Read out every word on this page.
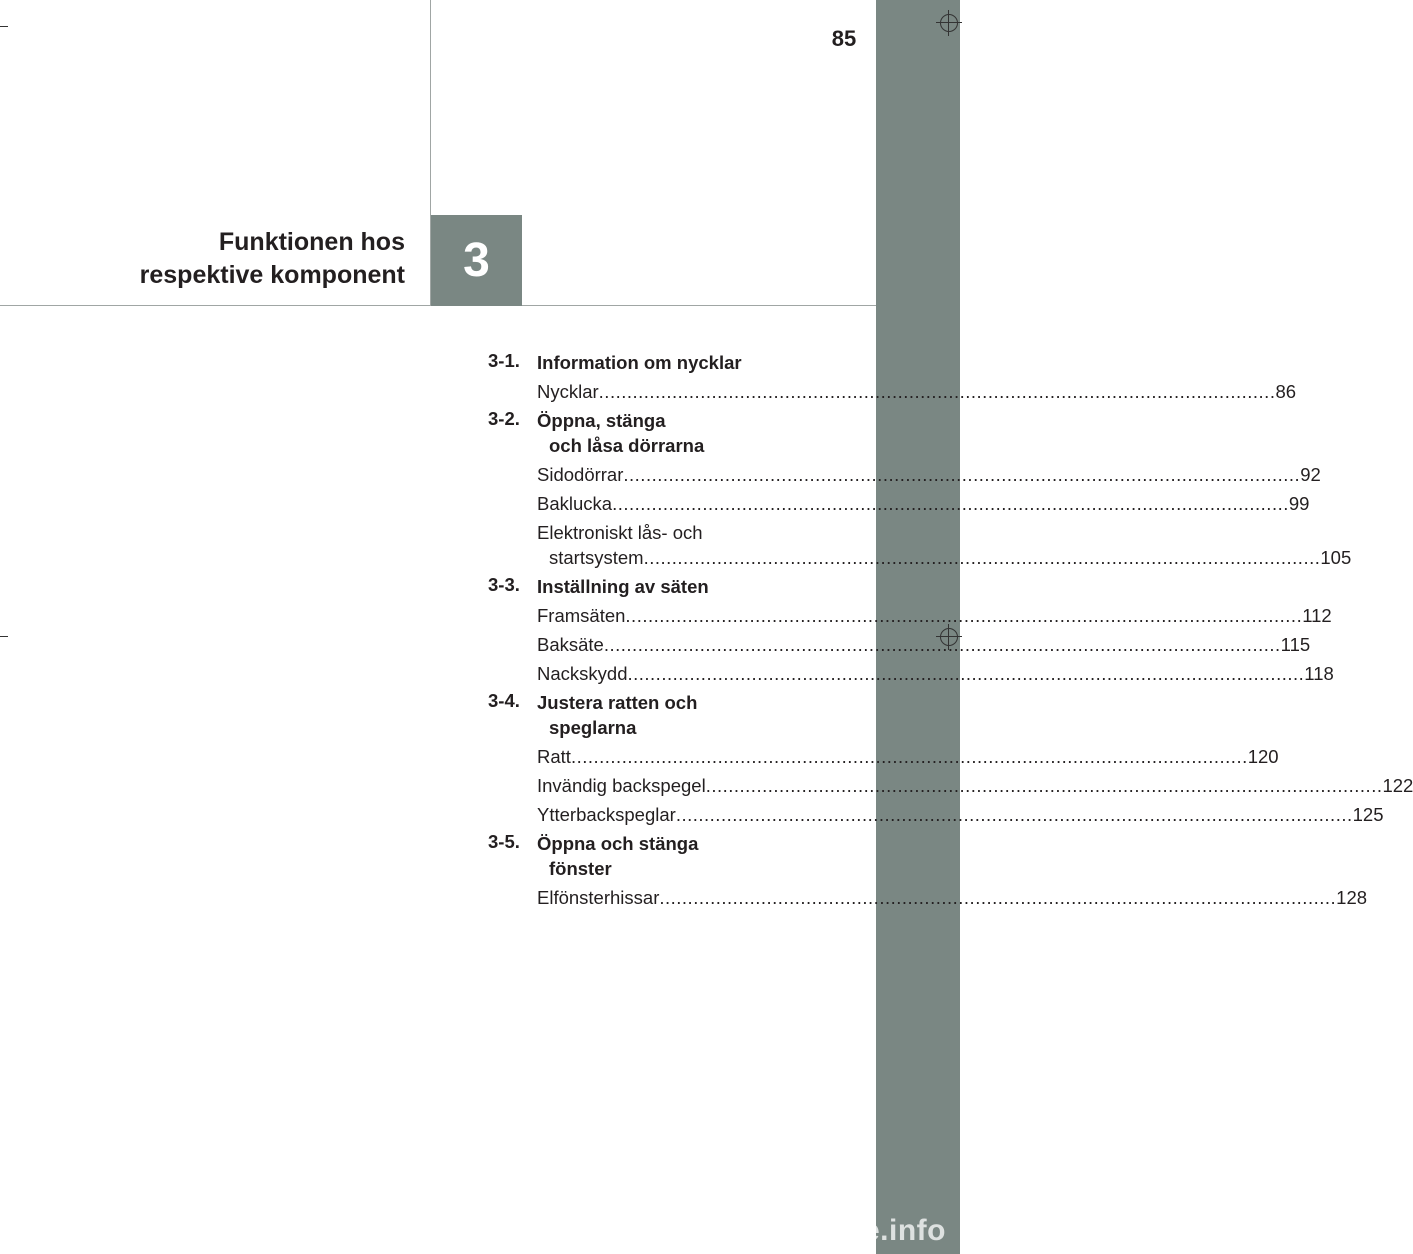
85
3
Funktionen hos
respektive komponent
3-1. Information om nycklar
Nycklar ........................................................................................................................ 86
3-2. Öppna, stänga
och låsa dörrarna
Sidodörrar ........................................................................................................................ 92
Baklucka ........................................................................................................................ 99
Elektroniskt lås- och
startsystem ........................................................................................................................ 105
3-3. Inställning av säten
Framsäten ........................................................................................................................ 112
Baksäte ........................................................................................................................ 115
Nackskydd ........................................................................................................................ 118
3-4. Justera ratten och
speglarna
Ratt ........................................................................................................................ 120
Invändig backspegel ........................................................................................................................ 122
Ytterbackspeglar ........................................................................................................................ 125
3-5. Öppna och stänga
fönster
Elfönsterhissar ........................................................................................................................ 128
carmanualsonline.info
